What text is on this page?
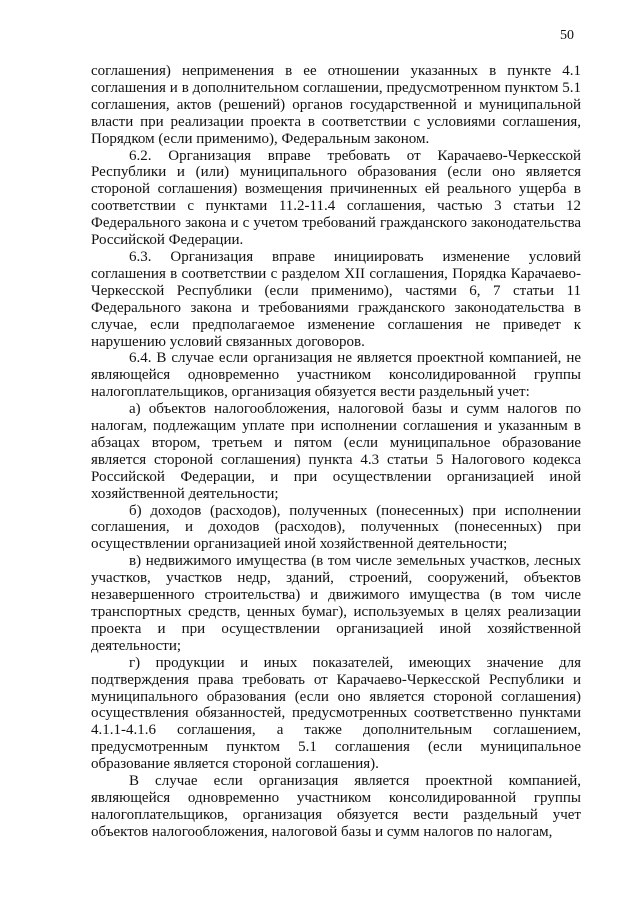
50

соглашения) неприменения в ее отношении указанных в пункте 4.1 соглашения и в дополнительном соглашении, предусмотренном пунктом 5.1 соглашения, актов (решений) органов государственной и муниципальной власти при реализации проекта в соответствии с условиями соглашения, Порядком (если применимо), Федеральным законом.

6.2. Организация вправе требовать от Карачаево-Черкесской Республики и (или) муниципального образования (если оно является стороной соглашения) возмещения причиненных ей реального ущерба в соответствии с пунктами 11.2-11.4 соглашения, частью 3 статьи 12 Федерального закона и с учетом требований гражданского законодательства Российской Федерации.

6.3. Организация вправе инициировать изменение условий соглашения в соответствии с разделом XII соглашения, Порядка Карачаево-Черкесской Республики (если применимо), частями 6, 7 статьи 11 Федерального закона и требованиями гражданского законодательства в случае, если предполагаемое изменение соглашения не приведет к нарушению условий связанных договоров.

6.4. В случае если организация не является проектной компанией, не являющейся одновременно участником консолидированной группы налогоплательщиков, организация обязуется вести раздельный учет:

а) объектов налогообложения, налоговой базы и сумм налогов по налогам, подлежащим уплате при исполнении соглашения и указанным в абзацах втором, третьем и пятом (если муниципальное образование является стороной соглашения) пункта 4.3 статьи 5 Налогового кодекса Российской Федерации, и при осуществлении организацией иной хозяйственной деятельности;

б) доходов (расходов), полученных (понесенных) при исполнении соглашения, и доходов (расходов), полученных (понесенных) при осуществлении организацией иной хозяйственной деятельности;

в) недвижимого имущества (в том числе земельных участков, лесных участков, участков недр, зданий, строений, сооружений, объектов незавершенного строительства) и движимого имущества (в том числе транспортных средств, ценных бумаг), используемых в целях реализации проекта и при осуществлении организацией иной хозяйственной деятельности;

г) продукции и иных показателей, имеющих значение для подтверждения права требовать от Карачаево-Черкесской Республики и муниципального образования (если оно является стороной соглашения) осуществления обязанностей, предусмотренных соответственно пунктами 4.1.1-4.1.6 соглашения, а также дополнительным соглашением, предусмотренным пунктом 5.1 соглашения (если муниципальное образование является стороной соглашения).

В случае если организация является проектной компанией, являющейся одновременно участником консолидированной группы налогоплательщиков, организация обязуется вести раздельный учет объектов налогообложения, налоговой базы и сумм налогов по налогам,
